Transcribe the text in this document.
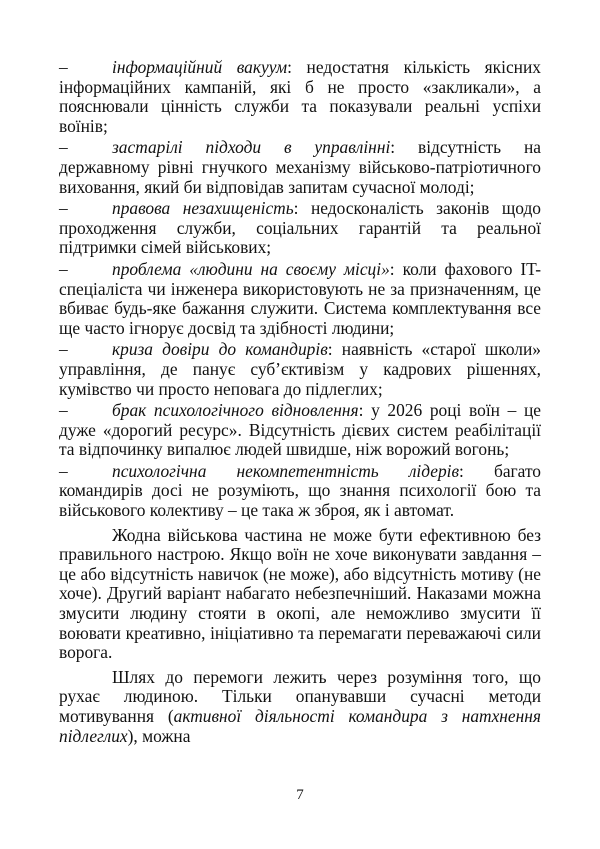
–	інформаційний вакуум: недостатня кількість якісних інформаційних кампаній, які б не просто «закликали», а пояснювали цінність служби та показували реальні успіхи воїнів;

–	застарілі підходи в управлінні: відсутність на державному рівні гнучкого механізму військово-патріотичного виховання, який би відповідав запитам сучасної молоді;

–	правова незахищеність: недосконалість законів щодо проходження служби, соціальних гарантій та реальної підтримки сімей військових;

–	проблема «людини на своєму місці»: коли фахового IT-спеціаліста чи інженера використовують не за призначенням, це вбиває будь-яке бажання служити. Система комплектування все ще часто ігнорує досвід та здібності людини;

–	криза довіри до командирів: наявність «старої школи» управління, де панує суб’єктивізм у кадрових рішеннях, кумівство чи просто неповага до підлеглих;

–	брак психологічного відновлення: у 2026 році воїн – це дуже «дорогий ресурс». Відсутність дієвих систем реабілітації та відпочинку випалює людей швидше, ніж ворожий вогонь;

–	психологічна некомпетентність лідерів: багато командирів досі не розуміють, що знання психології бою та військового колективу – це така ж зброя, як і автомат.

Жодна військова частина не може бути ефективною без правильного настрою. Якщо воїн не хоче виконувати завдання – це або відсутність навичок (не може), або відсутність мотиву (не хоче). Другий варіант набагато небезпечніший. Наказами можна змусити людину стояти в окопі, але неможливо змусити її воювати креативно, ініціативно та перемагати переважаючі сили ворога.

Шлях до перемоги лежить через розуміння того, що рухає людиною. Тільки опанувавши сучасні методи мотивування (активної діяльності командира з натхнення підлеглих), можна

7
